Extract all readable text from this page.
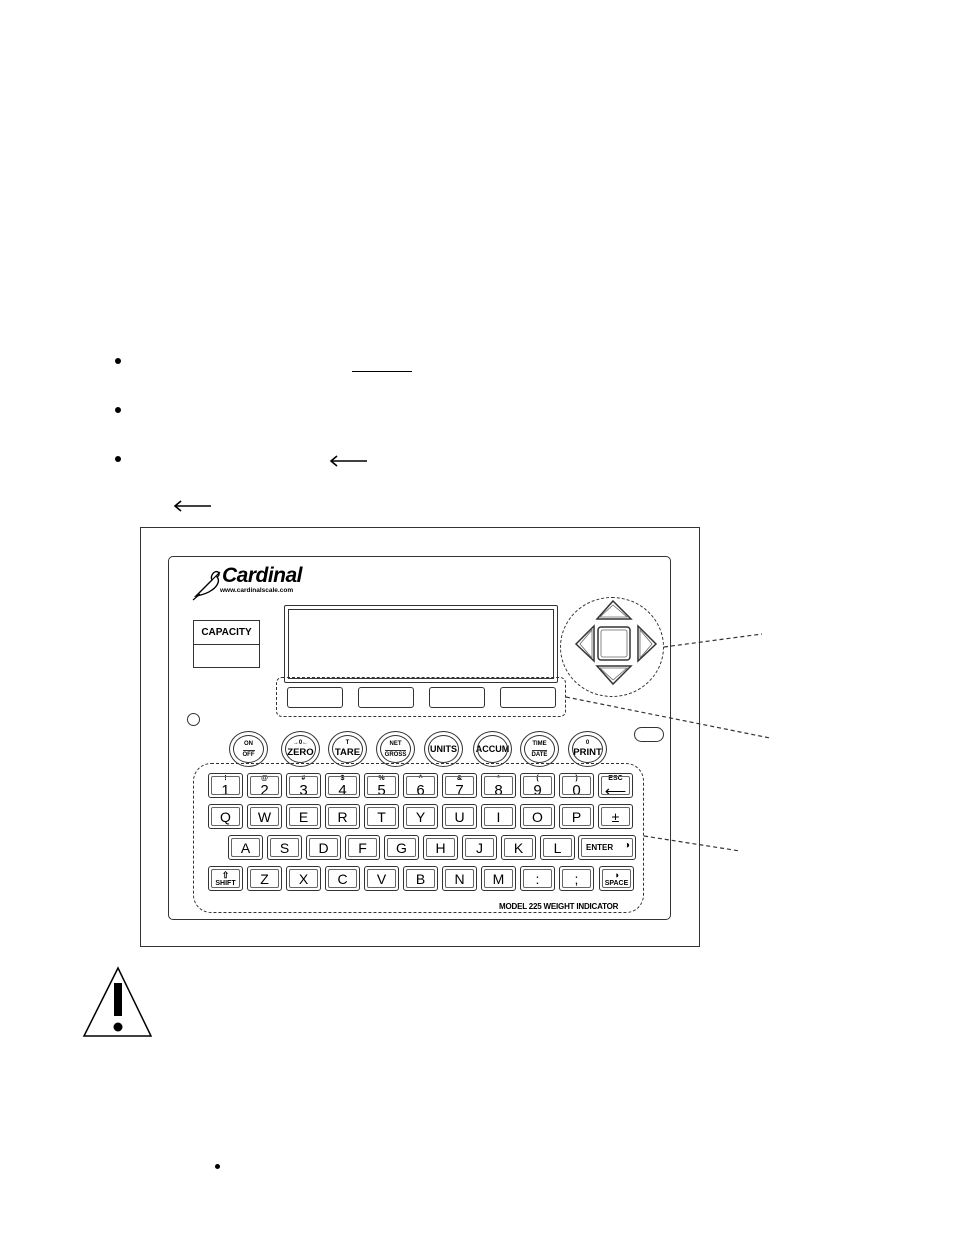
Cardinal
www.cardinalscale.com
CAPACITY
ON
OFF
→0←
ZERO
T
TARE
NET
GROSS
UNITS ACCUM	TIME
DATE
0
PRINT
ENTER ◑
⇧
SHIFT
◑
SPACE
MODEL 225 WEIGHT INDICATOR
!
1
@
2
#
3
$
4
%
5
^
6
&
7
*
8
(
9
)
0
ESC
⟵
Q W E R T Y U I O P ±
A S D F G H J K L
Z X C V B N M :	;
